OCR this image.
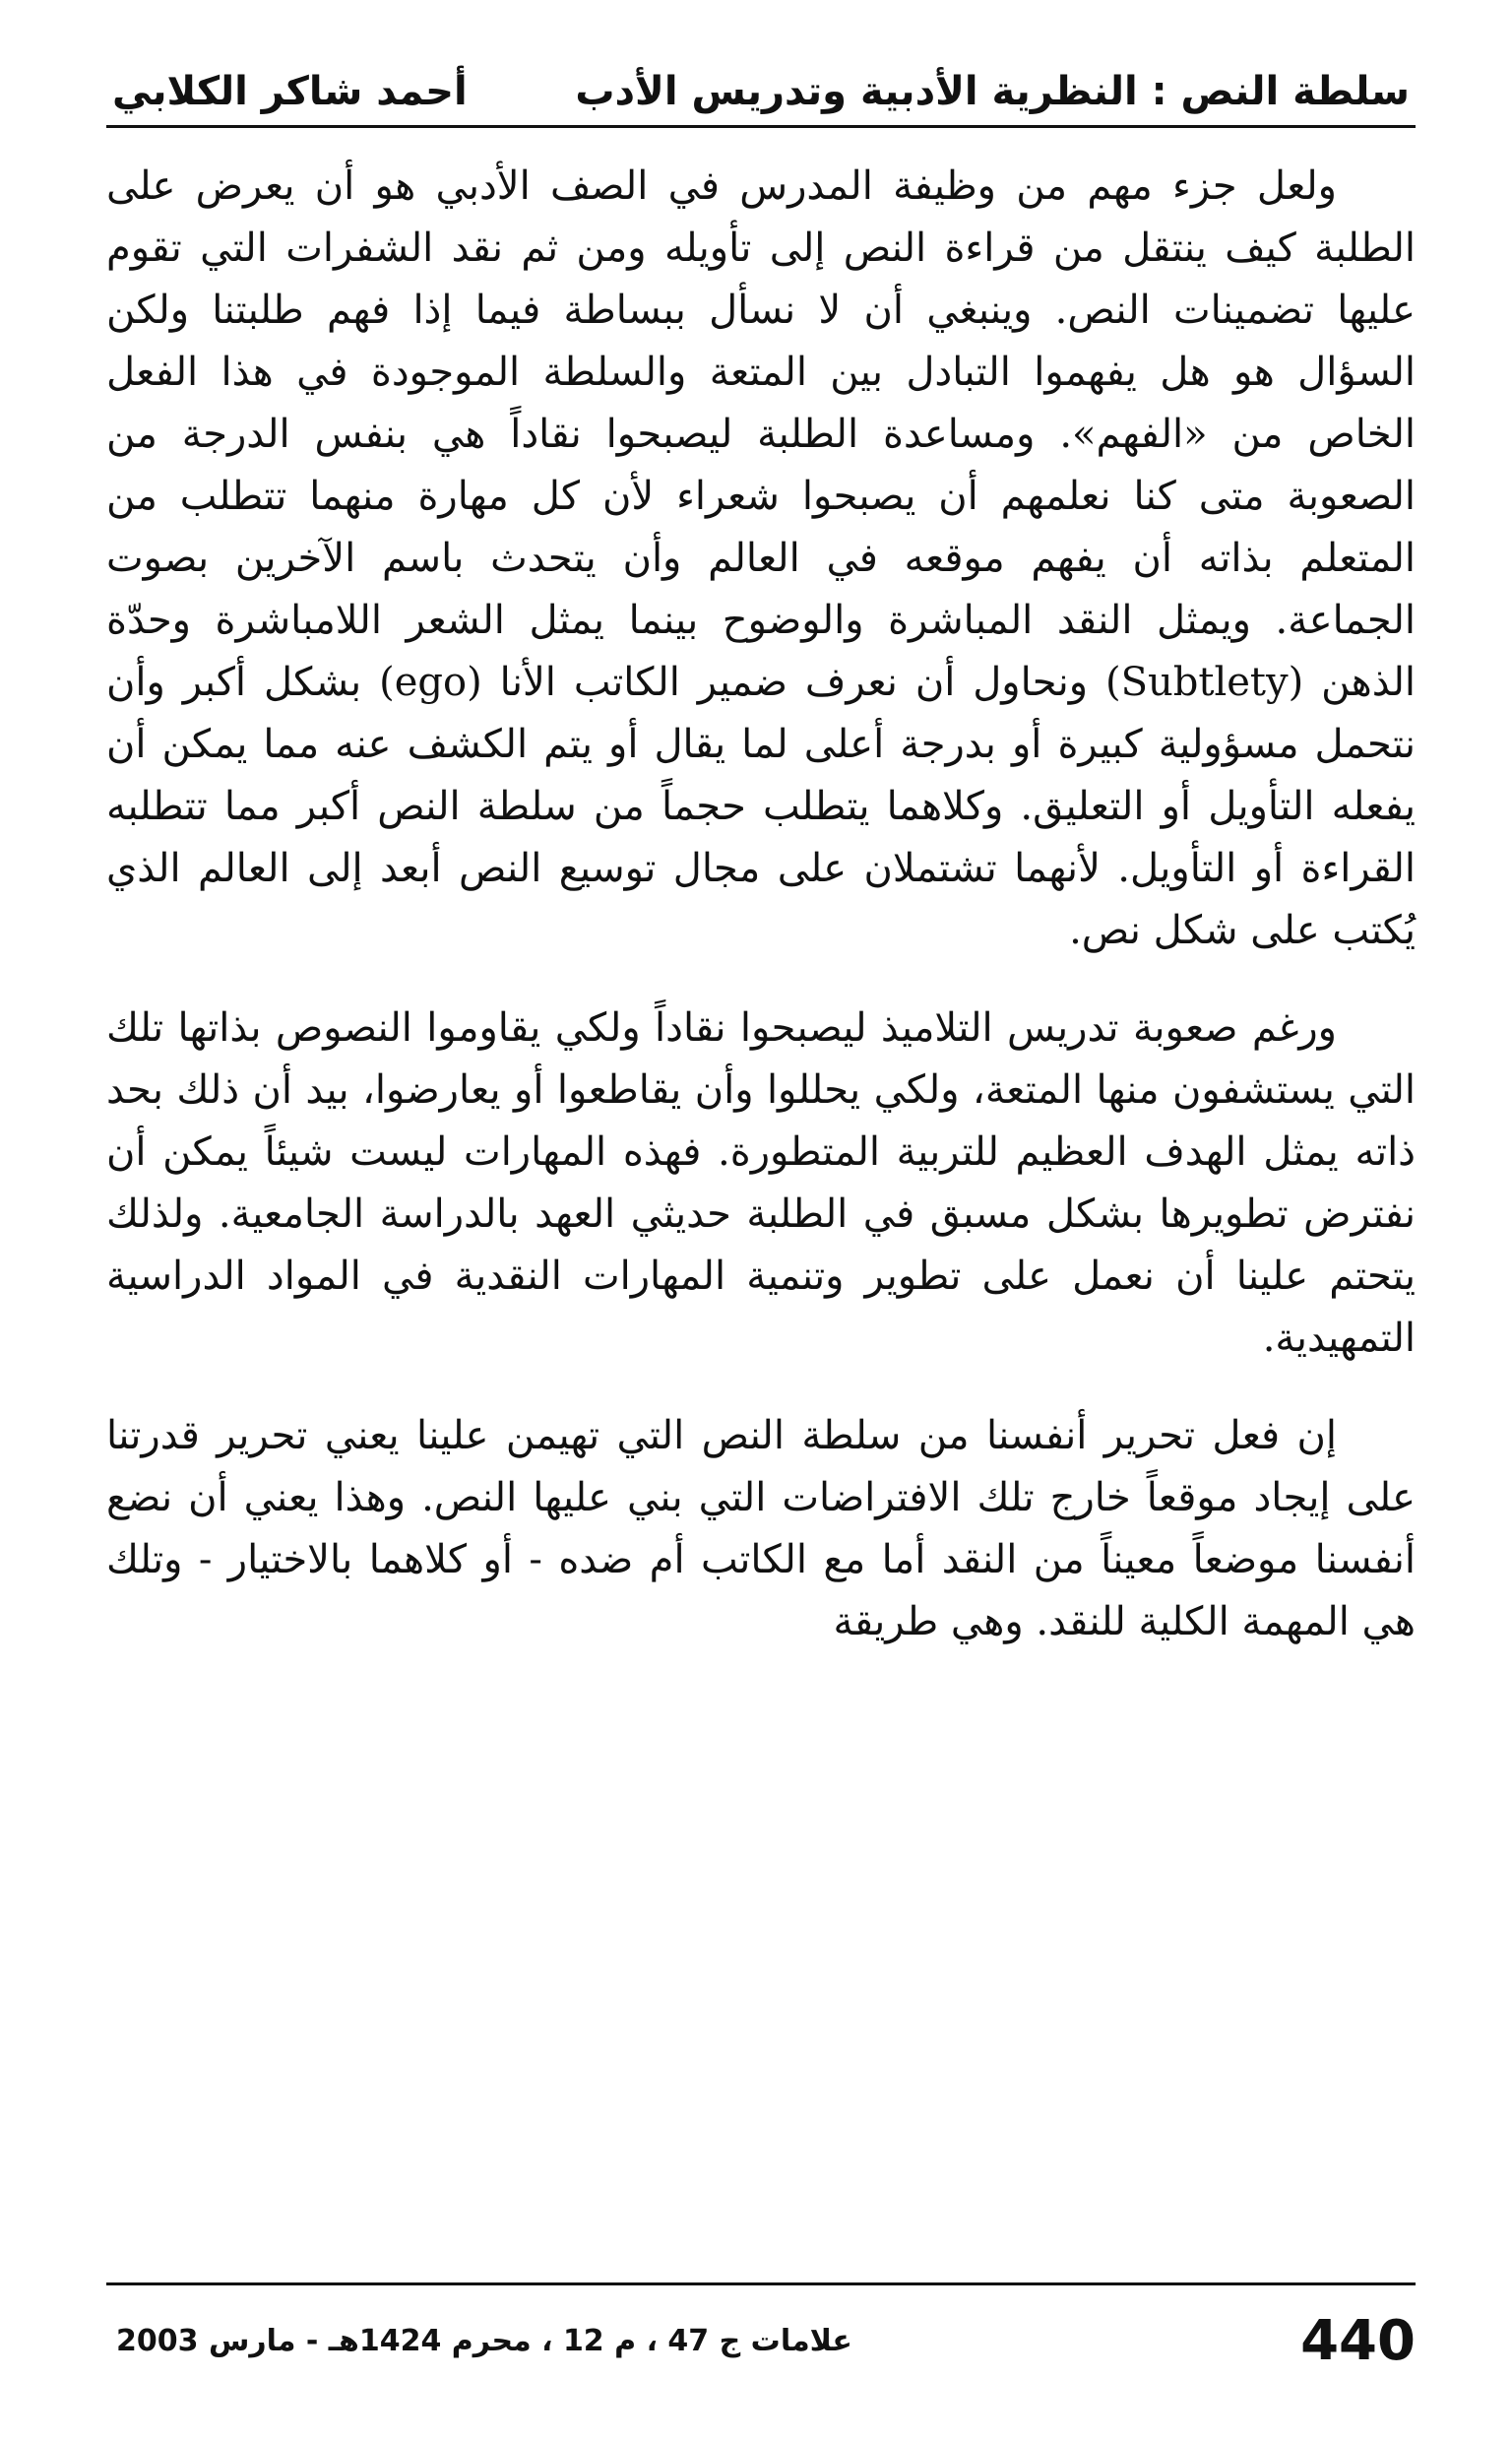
سلطة النص : النظرية الأدبية وتدريس الأدب
أحمد شاكر الكلابي

ولعل جزء مهم من وظيفة المدرس في الصف الأدبي هو أن يعرض على الطلبة كيف ينتقل من قراءة النص إلى تأويله ومن ثم نقد الشفرات التي تقوم عليها تضمينات النص. وينبغي أن لا نسأل ببساطة فيما إذا فهم طلبتنا ولكن السؤال هو هل يفهموا التبادل بين المتعة والسلطة الموجودة في هذا الفعل الخاص من «الفهم». ومساعدة الطلبة ليصبحوا نقاداً هي بنفس الدرجة من الصعوبة متى كنا نعلمهم أن يصبحوا شعراء لأن كل مهارة منهما تتطلب من المتعلم بذاته أن يفهم موقعه في العالم وأن يتحدث باسم الآخرين بصوت الجماعة. ويمثل النقد المباشرة والوضوح بينما يمثل الشعر اللامباشرة وحدّة الذهن (Subtlety) ونحاول أن نعرف ضمير الكاتب الأنا (ego) بشكل أكبر وأن نتحمل مسؤولية كبيرة أو بدرجة أعلى لما يقال أو يتم الكشف عنه مما يمكن أن يفعله التأويل أو التعليق. وكلاهما يتطلب حجماً من سلطة النص أكبر مما تتطلبه القراءة أو التأويل. لأنهما تشتملان على مجال توسيع النص أبعد إلى العالم الذي يُكتب على شكل نص.

ورغم صعوبة تدريس التلاميذ ليصبحوا نقاداً ولكي يقاوموا النصوص بذاتها تلك التي يستشفون منها المتعة، ولكي يحللوا وأن يقاطعوا أو يعارضوا، بيد أن ذلك بحد ذاته يمثل الهدف العظيم للتربية المتطورة. فهذه المهارات ليست شيئاً يمكن أن نفترض تطويرها بشكل مسبق في الطلبة حديثي العهد بالدراسة الجامعية. ولذلك يتحتم علينا أن نعمل على تطوير وتنمية المهارات النقدية في المواد الدراسية التمهيدية.

إن فعل تحرير أنفسنا من سلطة النص التي تهيمن علينا يعني تحرير قدرتنا على إيجاد موقعاً خارج تلك الافتراضات التي بني عليها النص. وهذا يعني أن نضع أنفسنا موضعاً معيناً من النقد أما مع الكاتب أم ضده - أو كلاهما بالاختيار - وتلك هي المهمة الكلية للنقد. وهي طريقة

440
علامات ج 47 ، م 12 ، محرم 1424هـ - مارس 2003
